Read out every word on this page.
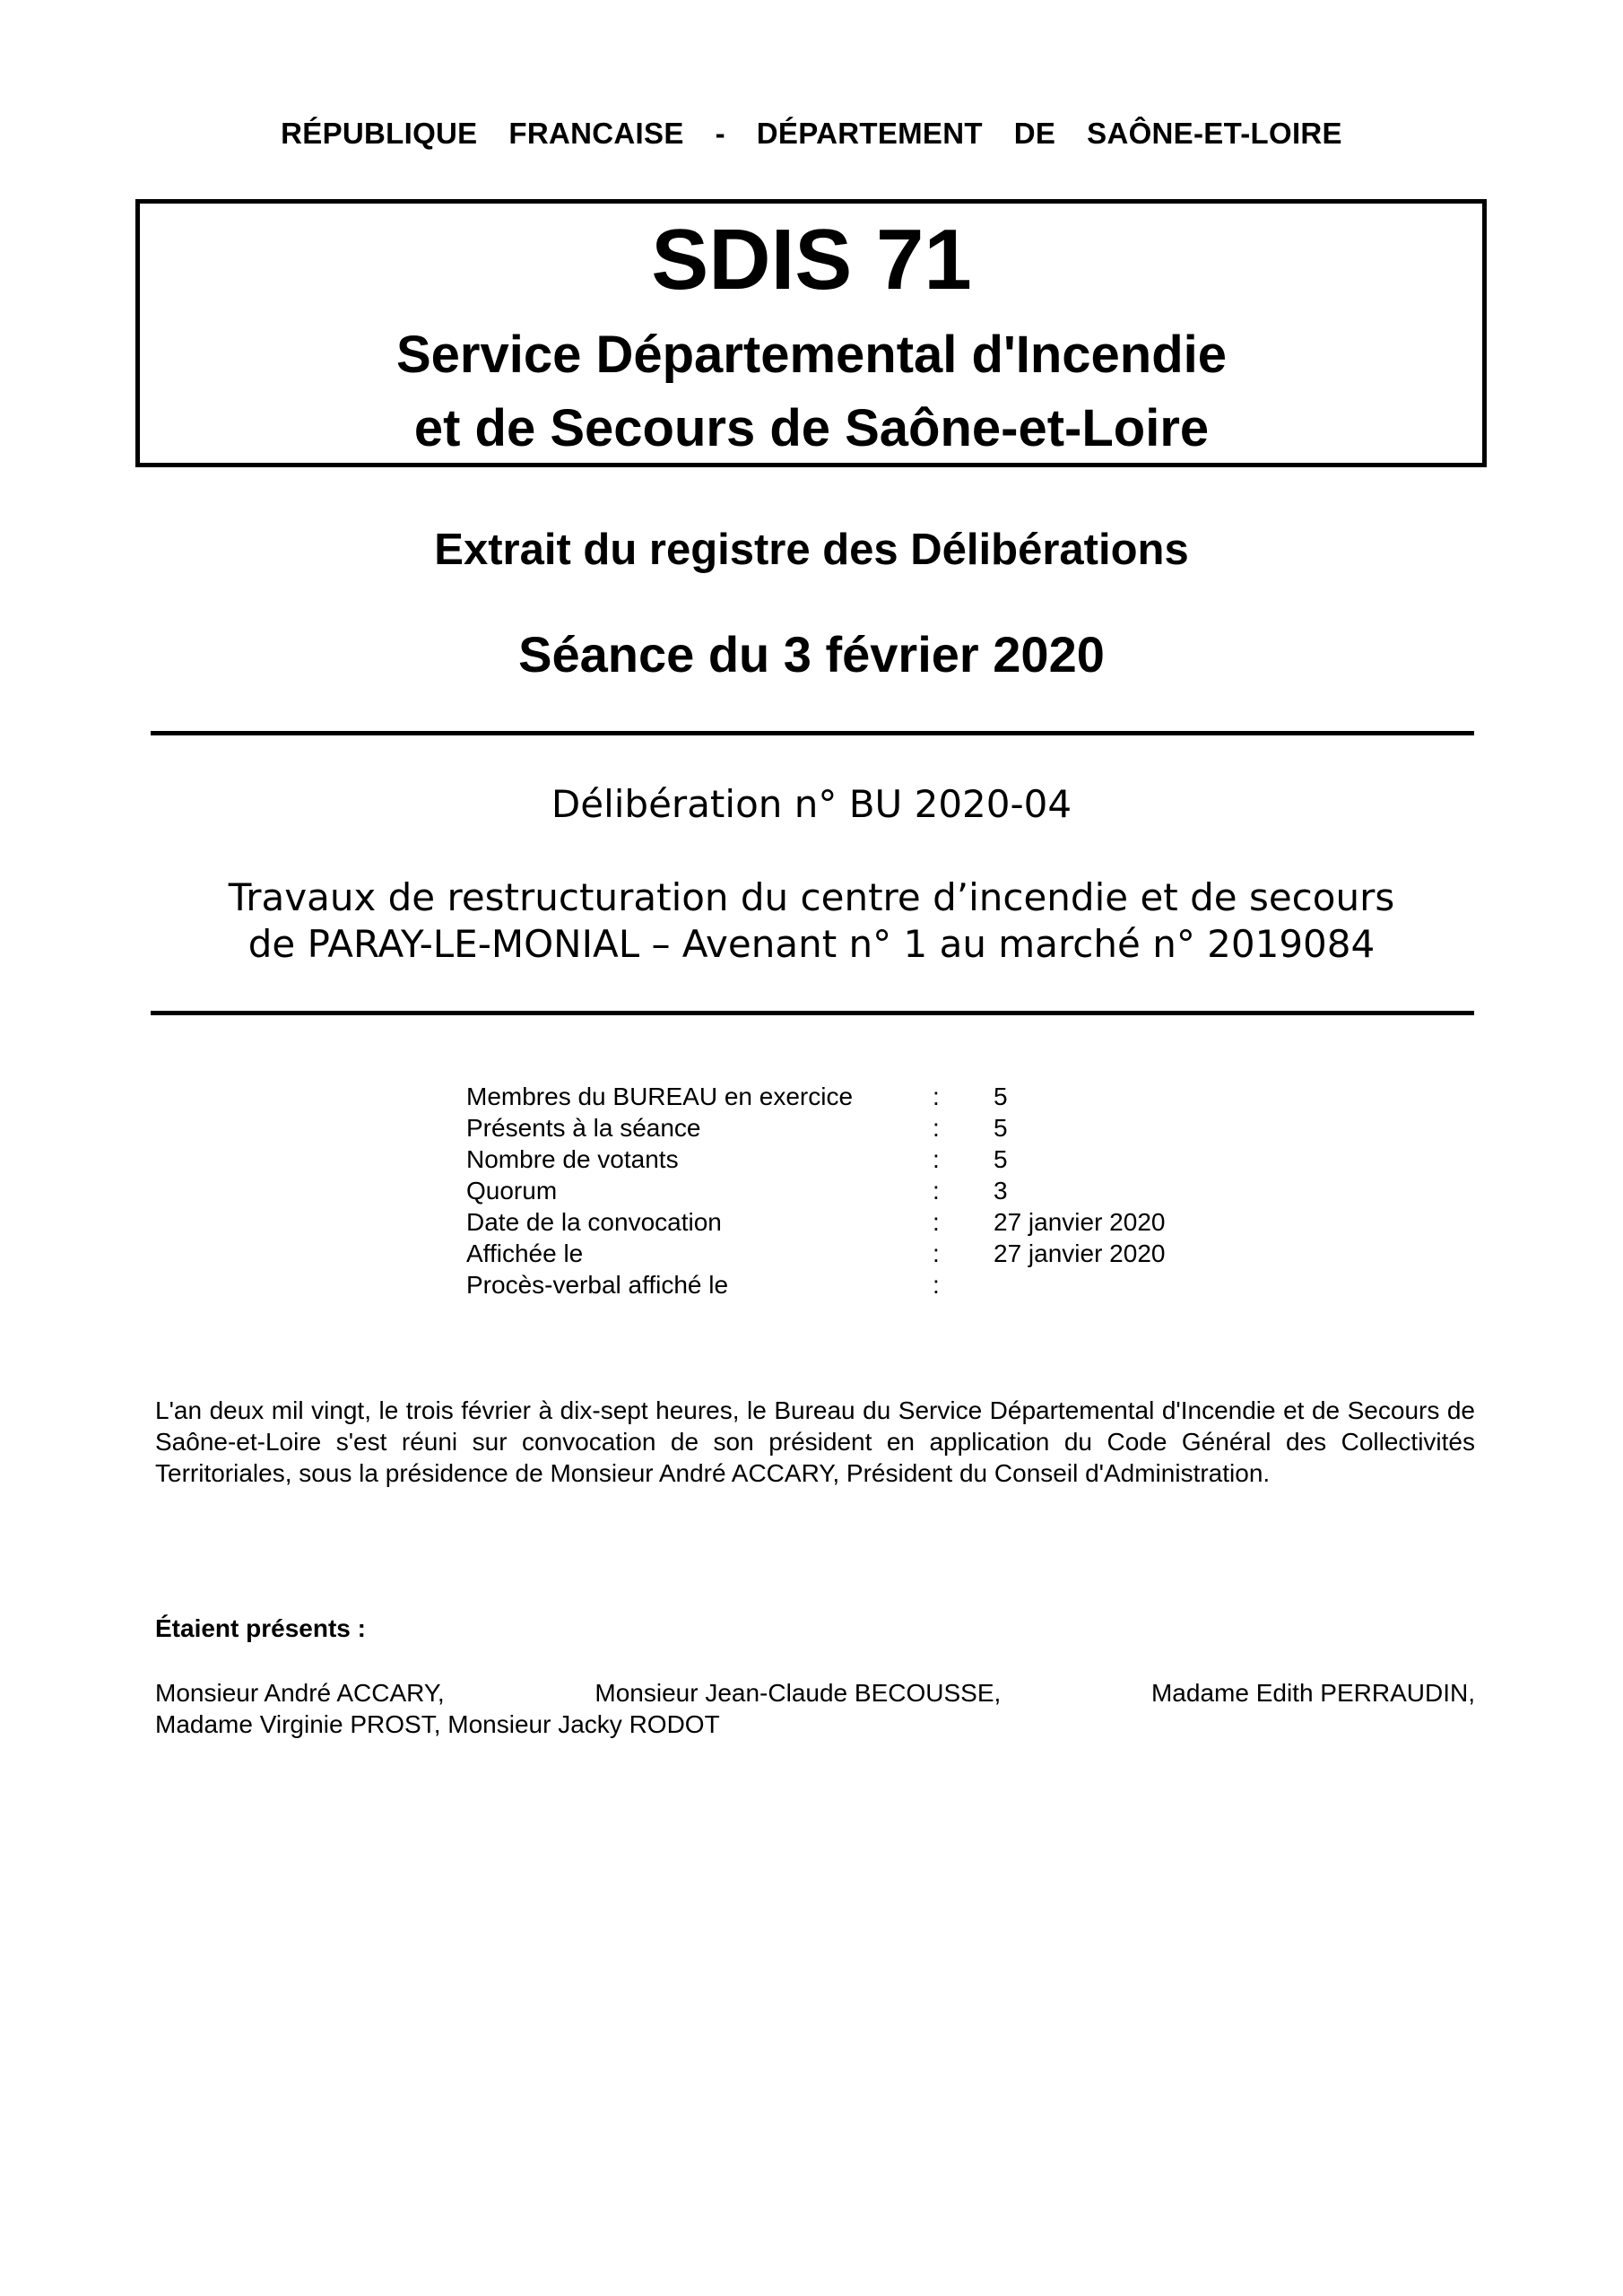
RÉPUBLIQUE  FRANCAISE  -  DÉPARTEMENT  DE  SAÔNE-ET-LOIRE
SDIS 71
Service Départemental d'Incendie
et de Secours de Saône-et-Loire
Extrait du registre des Délibérations
Séance du 3 février 2020
Délibération n° BU 2020-04
Travaux de restructuration du centre d’incendie et de secours
de PARAY-LE-MONIAL – Avenant n° 1 au marché n° 2019084
Membres du BUREAU en exercice	: 5
Présents à la séance	: 5
Nombre de votants	: 5
Quorum	: 3
Date de la convocation	: 27 janvier 2020
Affichée le	: 27 janvier 2020
Procès-verbal affiché le	:
L'an deux mil vingt, le trois février à dix-sept heures, le Bureau du Service Départemental d'Incendie et de Secours de Saône-et-Loire s'est réuni sur convocation de son président en application du Code Général des Collectivités Territoriales, sous la présidence de Monsieur André ACCARY, Président du Conseil d'Administration.
Étaient présents :
Monsieur André ACCARY,	Monsieur Jean-Claude BECOUSSE,	Madame Edith PERRAUDIN,
Madame Virginie PROST, Monsieur Jacky RODOT
